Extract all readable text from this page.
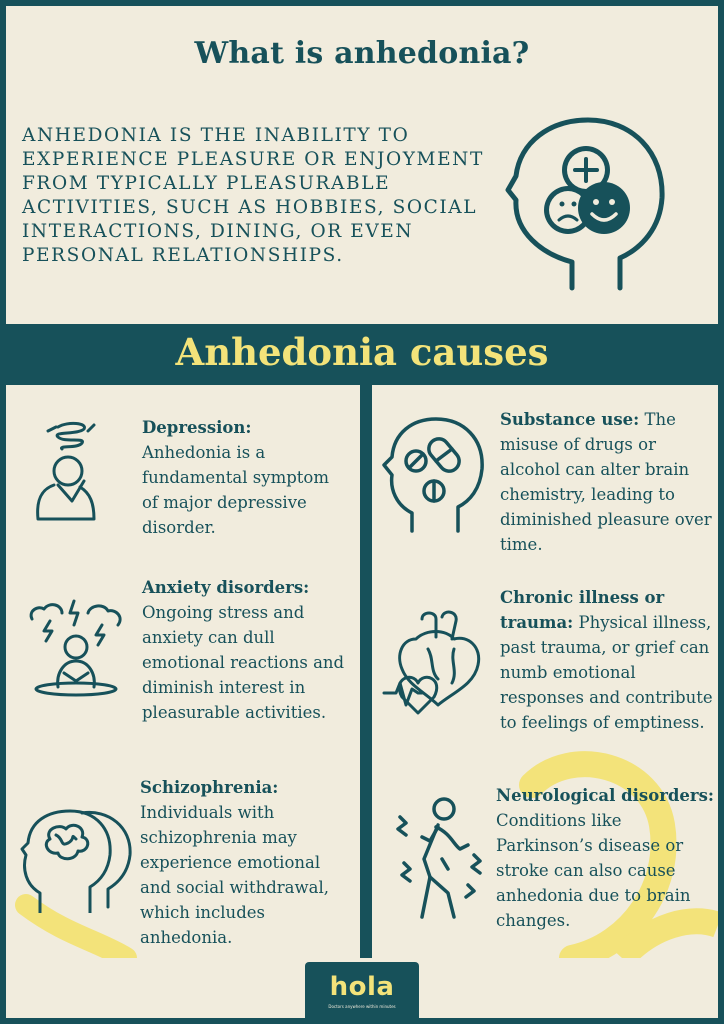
What is anhedonia?
ANHEDONIA IS THE INABILITY TO EXPERIENCE PLEASURE OR ENJOYMENT FROM TYPICALLY PLEASURABLE ACTIVITIES, SUCH AS HOBBIES, SOCIAL INTERACTIONS, DINING, OR EVEN PERSONAL RELATIONSHIPS.
Anhedonia causes
Depression:
Anhedonia is a fundamental symptom of major depressive disorder.
Anxiety disorders:
Ongoing stress and anxiety can dull emotional reactions and diminish interest in pleasurable activities.
Schizophrenia:
Individuals with schizophrenia may experience emotional and social withdrawal, which includes anhedonia.
Substance use: The misuse of drugs or alcohol can alter brain chemistry, leading to diminished pleasure over time.
Chronic illness or trauma: Physical illness, past trauma, or grief can numb emotional responses and contribute to feelings of emptiness.
Neurological disorders:
Conditions like Parkinson’s disease or stroke can also cause anhedonia due to brain changes.
hola
Doctors anywhere within minutes
